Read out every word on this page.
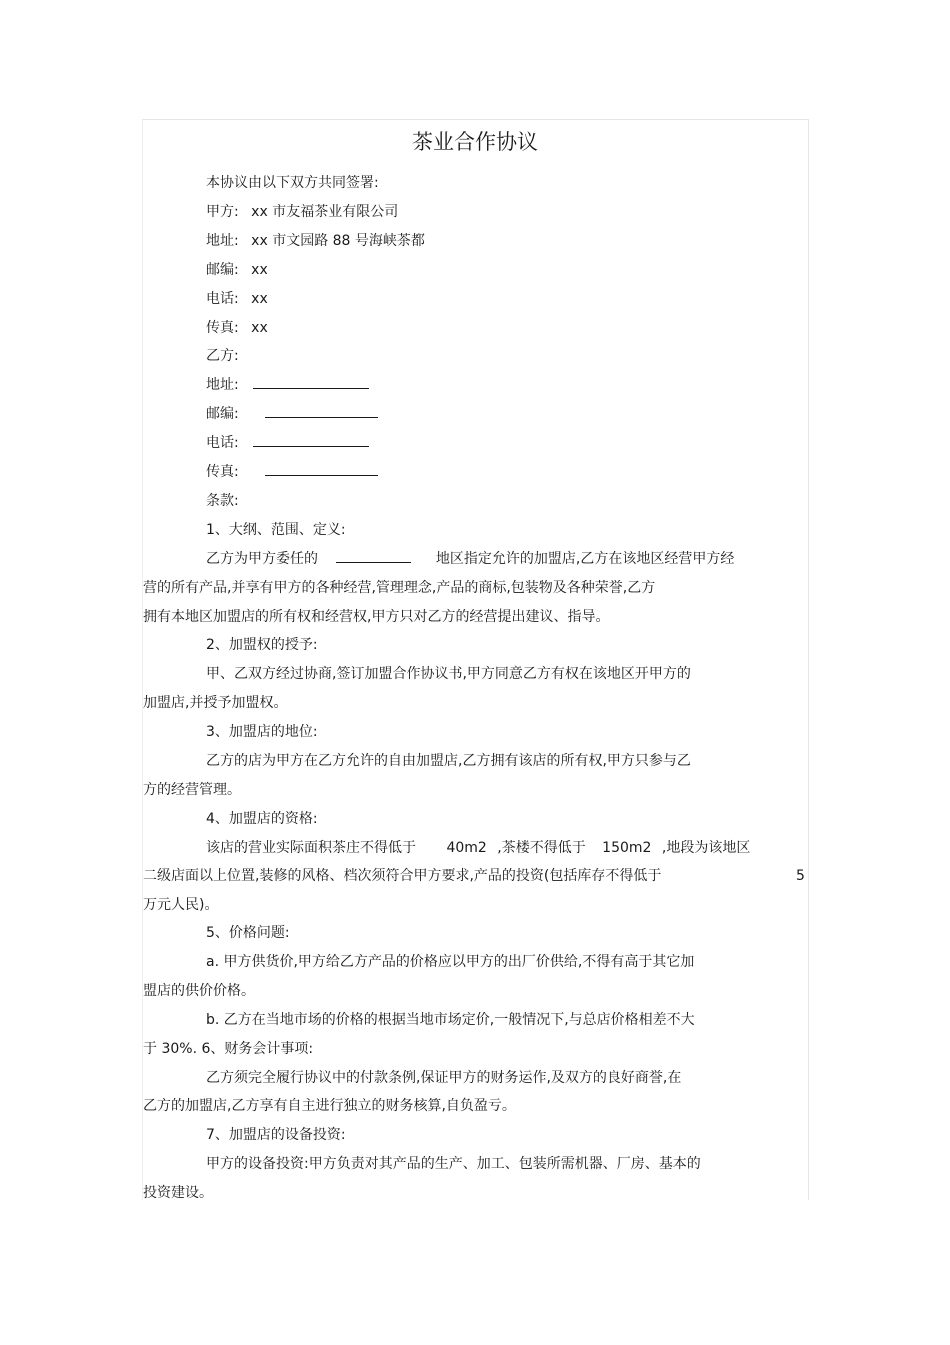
茶业合作协议
本协议由以下双方共同签署:
甲方: xx 市友福茶业有限公司
地址: xx 市文园路 88 号海峡茶都
邮编: xx
电话: xx
传真: xx
乙方:
地址:
邮编:
电话:
传真:
条款:
1、大纲、范围、定义:
乙方为甲方委任的	地区指定允许的加盟店,乙方在该地区经营甲方经
营的所有产品,并享有甲方的各种经营,管理理念,产品的商标,包装物及各种荣誉,乙方
拥有本地区加盟店的所有权和经营权,甲方只对乙方的经营提出建议、指导。
2、加盟权的授予:
甲、乙双方经过协商,签订加盟合作协议书,甲方同意乙方有权在该地区开甲方的
加盟店,并授予加盟权。
3、加盟店的地位:
乙方的店为甲方在乙方允许的自由加盟店,乙方拥有该店的所有权,甲方只参与乙
方的经营管理。
4、加盟店的资格:
该店的营业实际面积茶庄不得低于 40m2 ,茶楼不得低于 150m2 ,地段为该地区
二级店面以上位置,装修的风格、档次须符合甲方要求,产品的投资(包括库存不得低于	5
万元人民)。
5、价格问题:
a. 甲方供货价,甲方给乙方产品的价格应以甲方的出厂价供给,不得有高于其它加
盟店的供价价格。
b. 乙方在当地市场的价格的根据当地市场定价,一般情况下,与总店价格相差不大
于 30%. 6、财务会计事项:
乙方须完全履行协议中的付款条例,保证甲方的财务运作,及双方的良好商誉,在
乙方的加盟店,乙方享有自主进行独立的财务核算,自负盈亏。
7、加盟店的设备投资:
甲方的设备投资:甲方负责对其产品的生产、加工、包装所需机器、厂房、基本的
投资建设。
